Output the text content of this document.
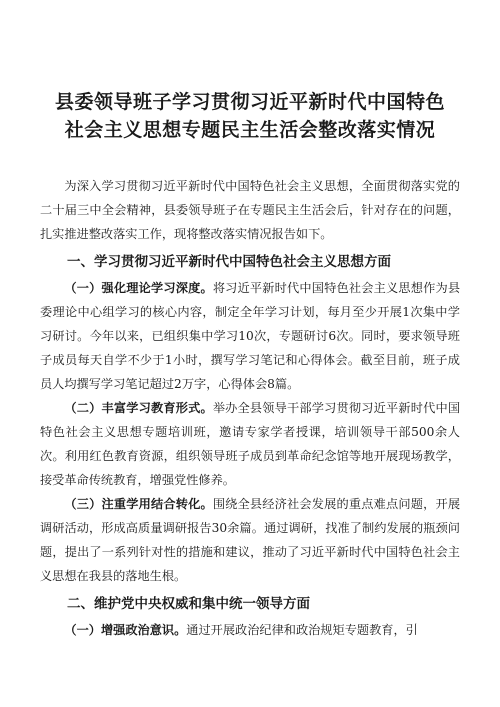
县委领导班子学习贯彻习近平新时代中国特色
社会主义思想专题民主生活会整改落实情况

为深入学习贯彻习近平新时代中国特色社会主义思想，全面贯彻落实党的二十届三中全会精神，县委领导班子在专题民主生活会后，针对存在的问题，扎实推进整改落实工作，现将整改落实情况报告如下。

一、学习贯彻习近平新时代中国特色社会主义思想方面

（一）强化理论学习深度。将习近平新时代中国特色社会主义思想作为县委理论中心组学习的核心内容，制定全年学习计划，每月至少开展1次集中学习研讨。今年以来，已组织集中学习10次，专题研讨6次。同时，要求领导班子成员每天自学不少于1小时，撰写学习笔记和心得体会。截至目前，班子成员人均撰写学习笔记超过2万字，心得体会8篇。

（二）丰富学习教育形式。举办全县领导干部学习贯彻习近平新时代中国特色社会主义思想专题培训班，邀请专家学者授课，培训领导干部500余人次。利用红色教育资源，组织领导班子成员到革命纪念馆等地开展现场教学，接受革命传统教育，增强党性修养。

（三）注重学用结合转化。围绕全县经济社会发展的重点难点问题，开展调研活动，形成高质量调研报告30余篇。通过调研，找准了制约发展的瓶颈问题，提出了一系列针对性的措施和建议，推动了习近平新时代中国特色社会主义思想在我县的落地生根。

二、维护党中央权威和集中统一领导方面

（一）增强政治意识。通过开展政治纪律和政治规矩专题教育，引
